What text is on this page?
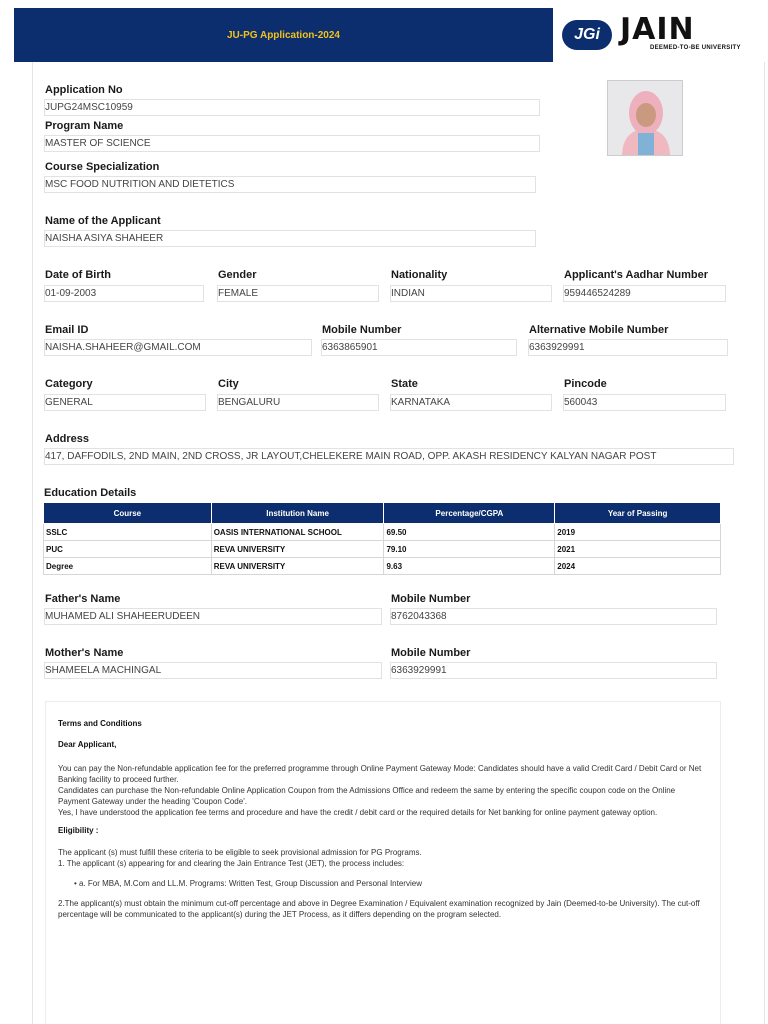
JU-PG Application-2024	JGi JAIN
DEEMED-TO-BE UNIVERSITY
Application No
JUPG24MSC10959
Program Name
MASTER OF SCIENCE
Course Specialization
MSC FOOD NUTRITION AND DIETETICS
Name of the Applicant
NAISHA ASIYA SHAHEER
Date of Birth
01-09-2003
Gender
FEMALE
Nationality
INDIAN
Applicant's Aadhar Number
959446524289
Email ID
NAISHA.SHAHEER@GMAIL.COM
Mobile Number
6363865901
Alternative Mobile Number
6363929991
Category
GENERAL
City
BENGALURU
State
KARNATAKA
Pincode
560043
Address
417, DAFFODILS, 2ND MAIN, 2ND CROSS, JR LAYOUT,CHELEKERE MAIN ROAD, OPP. AKASH RESIDENCY KALYAN NAGAR POST
Education Details
Course	Institution Name	Percentage/CGPA	Year of Passing
SSLC	OASIS INTERNATIONAL SCHOOL	69.50	2019
PUC	REVA UNIVERSITY	79.10	2021
Degree	REVA UNIVERSITY	9.63	2024
Father's Name
MUHAMED ALI SHAHEERUDEEN
Mobile Number
8762043368
Mother's Name
SHAMEELA MACHINGAL
Mobile Number
6363929991

Terms and Conditions

Dear Applicant,

You can pay the Non-refundable application fee for the preferred programme through Online Payment Gateway Mode: Candidates should have a valid Credit Card / Debit Card or Net Banking facility to proceed further.

Candidates can purchase the Non-refundable Online Application Coupon from the Admissions Office and redeem the same by entering the specific coupon code on the Online Payment Gateway under the heading 'Coupon Code'.

Yes, I have understood the application fee terms and procedure and have the credit / debit card or the required details for Net banking for online payment gateway option.

Eligibility :

The applicant (s) must fulfill these criteria to be eligible to seek provisional admission for PG Programs.

1. The applicant (s) appearing for and clearing the Jain Entrance Test (JET), the process includes:

• a. For MBA, M.Com and LL.M. Programs: Written Test, Group Discussion and Personal Interview

2.The applicant(s) must obtain the minimum cut-off percentage and above in Degree Examination / Equivalent examination recognized by Jain (Deemed-to-be University). The cut-off percentage will be communicated to the applicant(s) during the JET Process, as it differs depending on the program selected.
